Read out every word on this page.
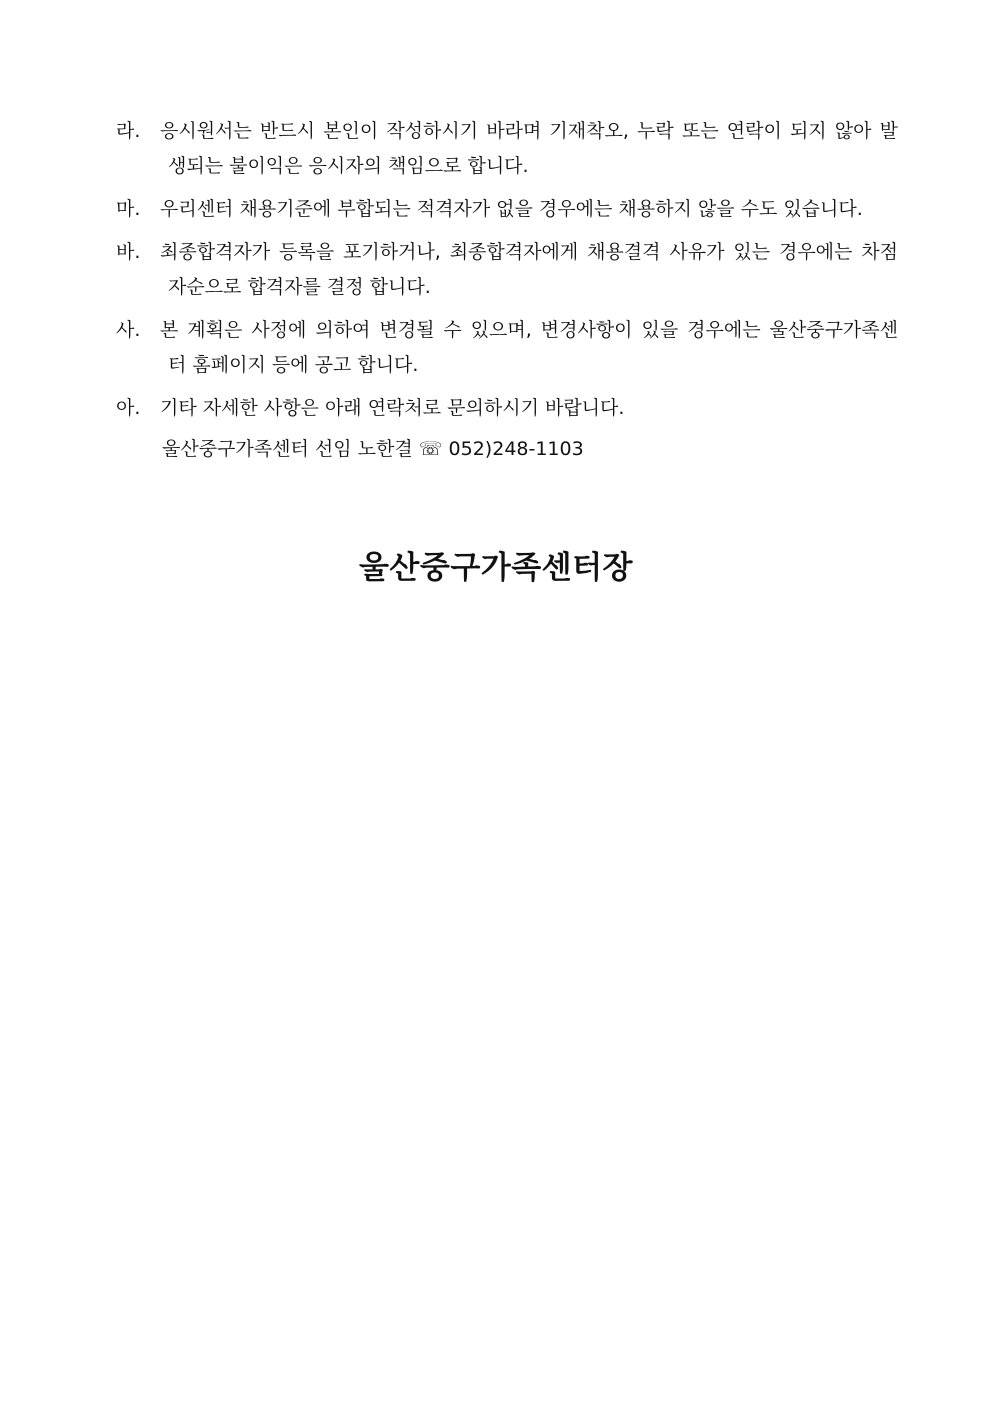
라.	응시원서는 반드시 본인이 작성하시기 바라며 기재착오, 누락 또는 연락이 되지 않아 발
생되는 불이익은 응시자의 책임으로 합니다.
마.	우리센터 채용기준에 부합되는 적격자가 없을 경우에는 채용하지 않을 수도 있습니다.
바.	최종합격자가 등록을 포기하거나, 최종합격자에게 채용결격 사유가 있는 경우에는 차점
자순으로 합격자를 결정 합니다.
사.	본 계획은 사정에 의하여 변경될 수 있으며, 변경사항이 있을 경우에는 울산중구가족센
터 홈페이지 등에 공고 합니다.
아.	기타 자세한 사항은 아래 연락처로 문의하시기 바랍니다.
울산중구가족센터 선임 노한결 ☏ 052)248-1103
울산중구가족센터장
